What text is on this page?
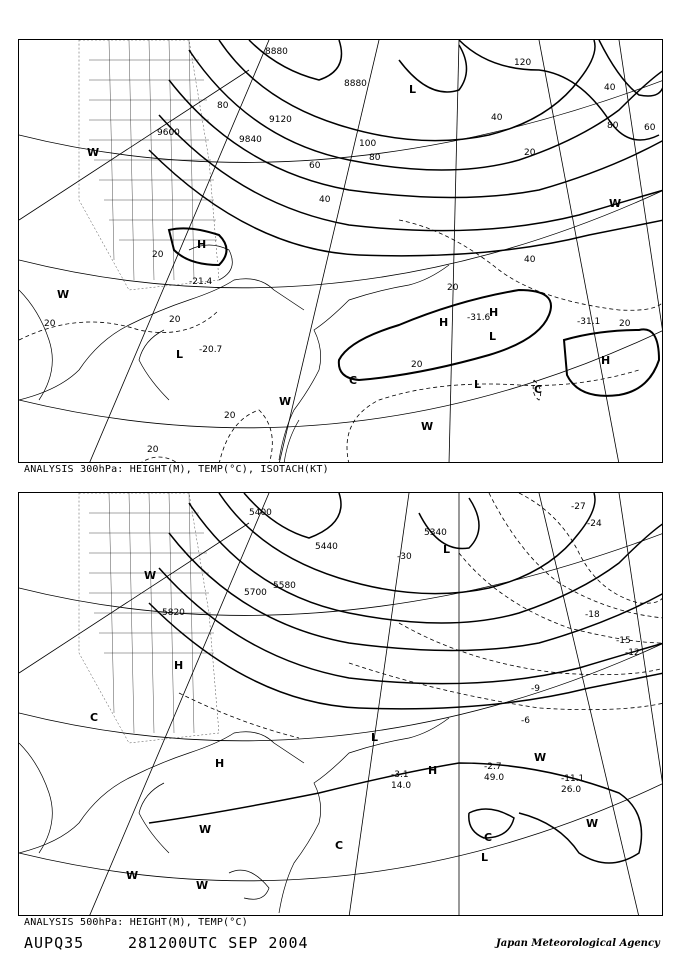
8880
8880
9120
9600
9840	100
80
80
60
40
40
40
20
20
20	20
20
20
20
20
20
120
80	60
40
-31.6	-31.1
-21.4
-20.7
L
H
H
H
H
L
L
L
C
C
W
W
W
W
W
ANALYSIS 300hPa: HEIGHT(M), TEMP(°C), ISOTACH(KT)
5400
5440
5340
5580
5700
5820
-27
-24
-30
-18
-15
-12
-9
-6
-2.7
49.0
-3.1
14.0
-11.1
26.0
L
L
L
H
H
H
C
C
C
W
W
W
W
W
W
ANALYSIS 500hPa: HEIGHT(M), TEMP(°C)
AUPQ35	281200UTC SEP 2004	Japan Meteorological Agency
